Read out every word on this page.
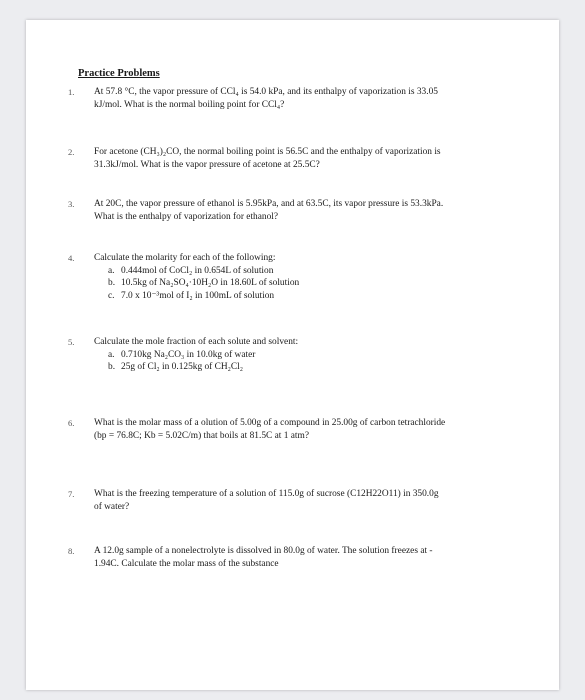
Practice Problems
1. At 57.8 °C, the vapor pressure of CCl₄ is 54.0 kPa, and its enthalpy of vaporization is 33.05
kJ/mol. What is the normal boiling point for CCl₄?
2. For acetone (CH₃)₂CO, the normal boiling point is 56.5C and the enthalpy of vaporization is
31.3kJ/mol. What is the vapor pressure of acetone at 25.5C?
3. At 20C, the vapor pressure of ethanol is 5.95kPa, and at 63.5C, its vapor pressure is 53.3kPa.
What is the enthalpy of vaporization for ethanol?
4. Calculate the molarity for each of the following:
a. 0.444mol of CoCl₂ in 0.654L of solution
b. 10.5kg of Na₂SO₄·10H₂O in 18.60L of solution
c. 7.0 x 10⁻³mol of I₂ in 100mL of solution
5. Calculate the mole fraction of each solute and solvent:
a. 0.710kg Na₂CO₃ in 10.0kg of water
b. 25g of Cl₂ in 0.125kg of CH₂Cl₂
6. What is the molar mass of a olution of 5.00g of a compound in 25.00g of carbon tetrachloride
(bp = 76.8C; Kb = 5.02C/m) that boils at 81.5C at 1 atm?
7. What is the freezing temperature of a solution of 115.0g of sucrose (C12H22O11) in 350.0g
of water?
8. A 12.0g sample of a nonelectrolyte is dissolved in 80.0g of water. The solution freezes at -
1.94C. Calculate the molar mass of the substance
